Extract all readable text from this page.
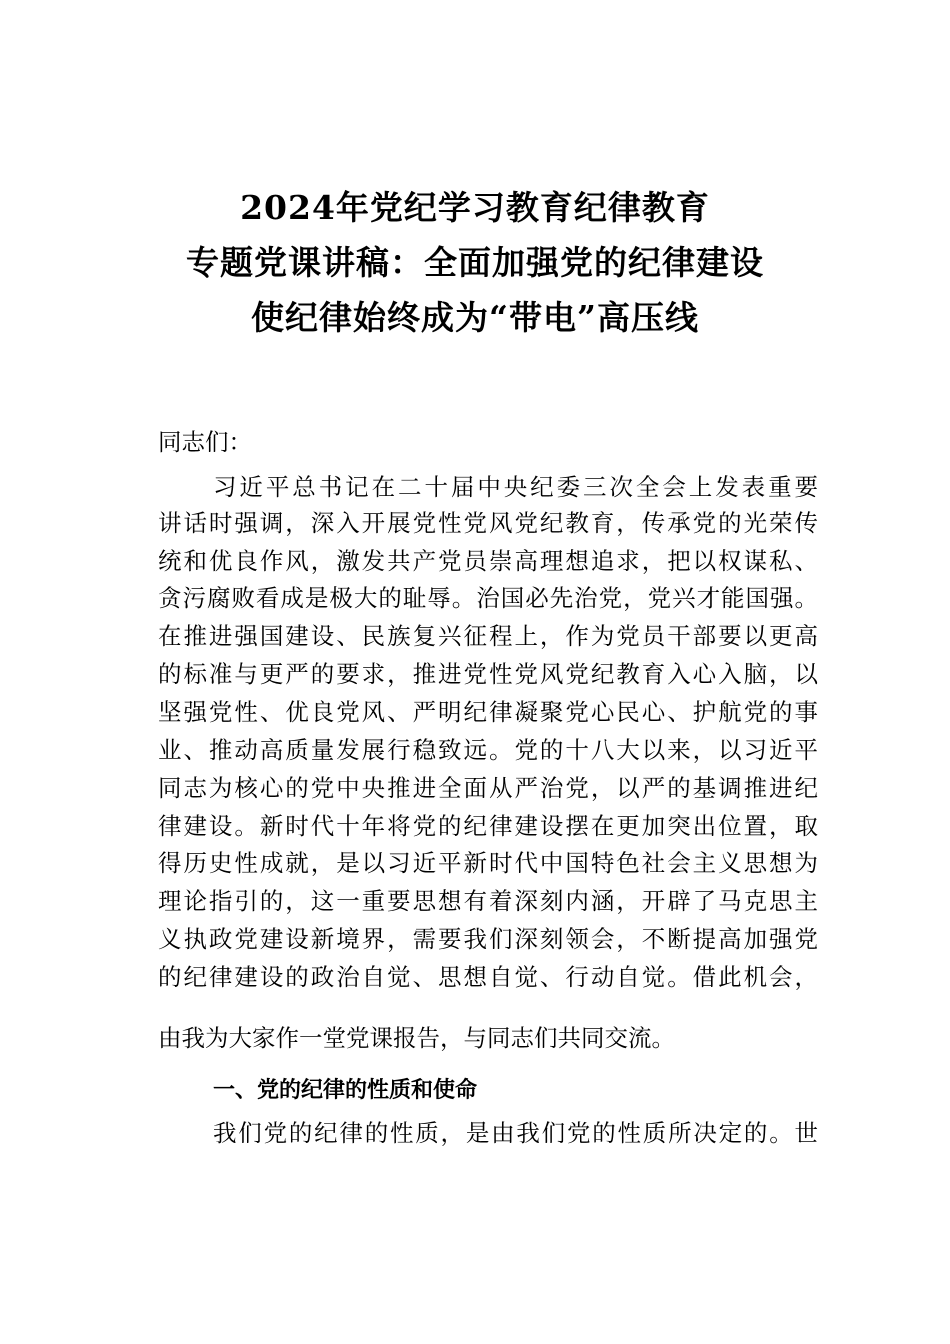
2024年党纪学习教育纪律教育
专题党课讲稿：全面加强党的纪律建设
使纪律始终成为“带电”高压线
同志们：
习近平总书记在二十届中央纪委三次全会上发表重要
讲话时强调，深入开展党性党风党纪教育，传承党的光荣传
统和优良作风，激发共产党员崇高理想追求，把以权谋私、
贪污腐败看成是极大的耻辱。治国必先治党，党兴才能国强。
在推进强国建设、民族复兴征程上，作为党员干部要以更高
的标准与更严的要求，推进党性党风党纪教育入心入脑，以
坚强党性、优良党风、严明纪律凝聚党心民心、护航党的事
业、推动高质量发展行稳致远。党的十八大以来，以习近平
同志为核心的党中央推进全面从严治党，以严的基调推进纪
律建设。新时代十年将党的纪律建设摆在更加突出位置，取
得历史性成就，是以习近平新时代中国特色社会主义思想为
理论指引的，这一重要思想有着深刻内涵，开辟了马克思主
义执政党建设新境界，需要我们深刻领会，不断提高加强党
的纪律建设的政治自觉、思想自觉、行动自觉。借此机会，
由我为大家作一堂党课报告，与同志们共同交流。
一、党的纪律的性质和使命
我们党的纪律的性质，是由我们党的性质所决定的。世
